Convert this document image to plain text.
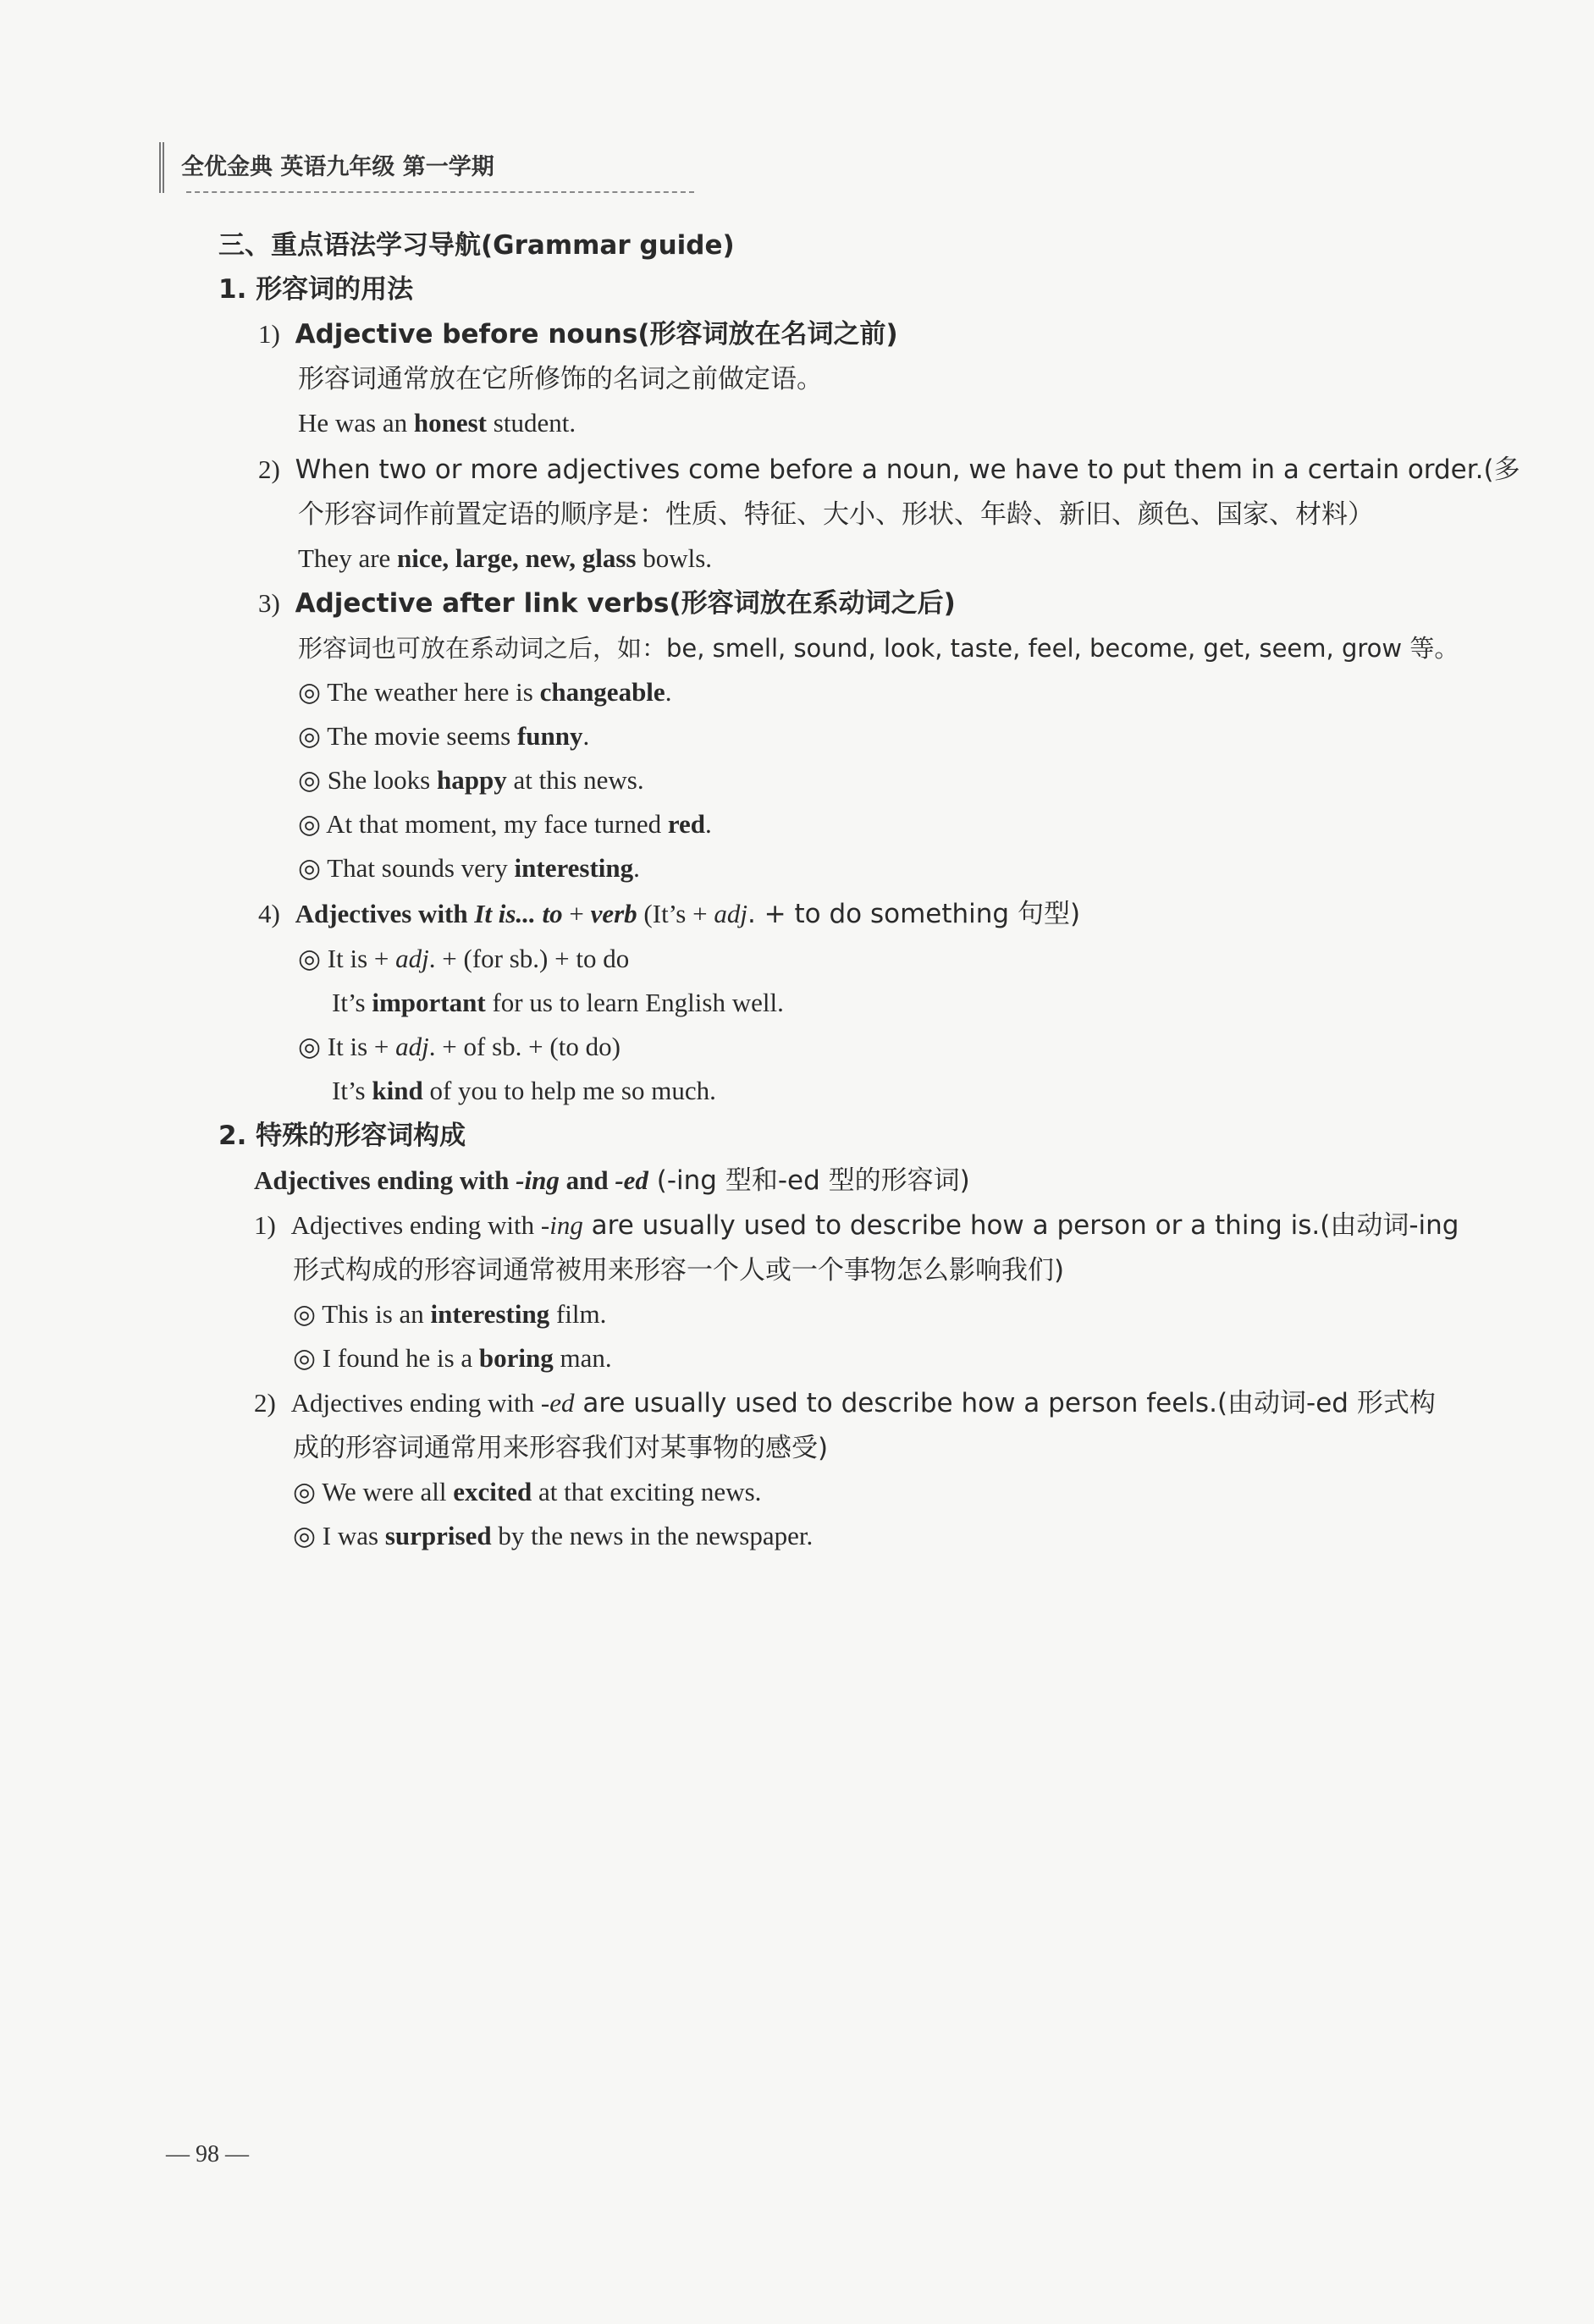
全优金典 英语九年级 第一学期
三、重点语法学习导航(Grammar guide)
1. 形容词的用法
1) Adjective before nouns(形容词放在名词之前)
形容词通常放在它所修饰的名词之前做定语。
He was an honest student.
2) When two or more adjectives come before a noun, we have to put them in a certain order.(多
个形容词作前置定语的顺序是：性质、特征、大小、形状、年龄、新旧、颜色、国家、材料）
They are nice, large, new, glass bowls.
3) Adjective after link verbs(形容词放在系动词之后)
形容词也可放在系动词之后，如：be, smell, sound, look, taste, feel, become, get, seem, grow 等。
◎ The weather here is changeable.
◎ The movie seems funny.
◎ She looks happy at this news.
◎ At that moment, my face turned red.
◎ That sounds very interesting.
4) Adjectives with It is... to + verb (It’s + adj. + to do something 句型)
◎ It is + adj. + (for sb.) + to do
It’s important for us to learn English well.
◎ It is + adj. + of sb. + (to do)
It’s kind of you to help me so much.
2. 特殊的形容词构成
Adjectives ending with -ing and -ed (-ing 型和-ed 型的形容词)
1) Adjectives ending with -ing are usually used to describe how a person or a thing is.(由动词-ing
形式构成的形容词通常被用来形容一个人或一个事物怎么影响我们)
◎ This is an interesting film.
◎ I found he is a boring man.
2) Adjectives ending with -ed are usually used to describe how a person feels.(由动词-ed 形式构
成的形容词通常用来形容我们对某事物的感受)
◎ We were all excited at that exciting news.
◎ I was surprised by the news in the newspaper.
— 98 —
